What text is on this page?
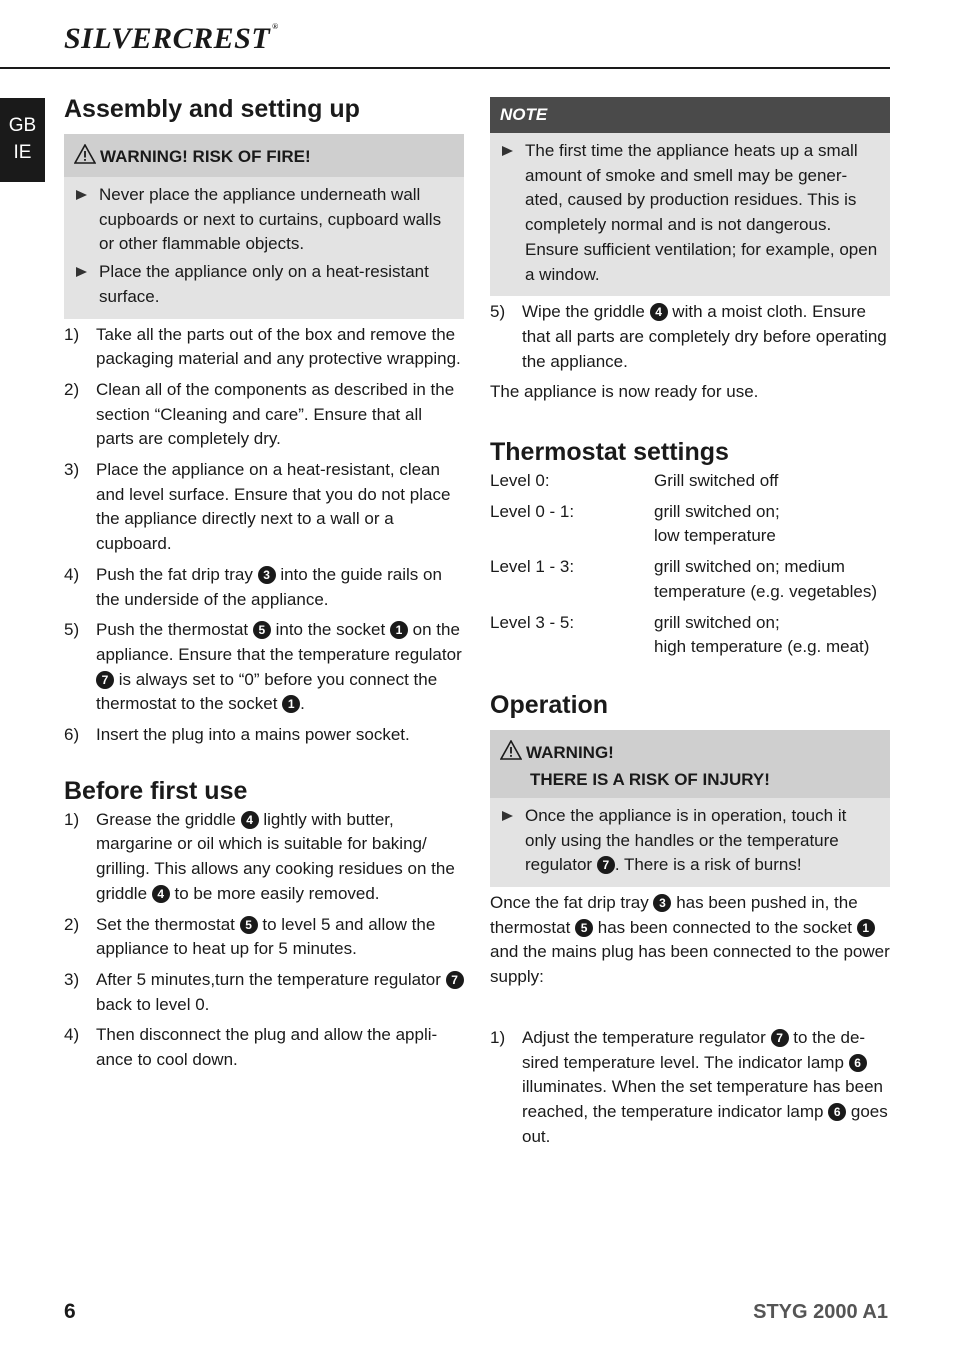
SILVERCREST ®
GB
IE
Assembly and setting up
WARNING! RISK OF FIRE!
Never place the appliance underneath wall cupboards or next to curtains, cupboard walls or other flammable objects.
Place the appliance only on a heat-resistant surface.
1) Take all the parts out of the box and remove the packaging material and any protective wrapping.
2) Clean all of the components as described in the section “Cleaning and care”. Ensure that all parts are completely dry.
3) Place the appliance on a heat-resistant, clean and level surface. Ensure that you do not place the appliance directly next to a wall or a cupboard.
4) Push the fat drip tray 3 into the guide rails on the underside of the appliance.
5) Push the thermostat 5 into the socket 1 on the appliance. Ensure that the temperature regulator 7 is always set to “0” before you connect the thermostat to the socket 1 .
6) Insert the plug into a mains power socket.
Before first use
1) Grease the griddle 4 lightly with butter, margarine or oil which is suitable for baking/ grilling. This allows any cooking residues on the griddle 4 to be more easily removed.
2) Set the thermostat 5 to level 5 and allow the appliance to heat up for 5 minutes.
3) After 5 minutes,turn the temperature regulator 7 back to level 0.
4) Then disconnect the plug and allow the appli- ance to cool down.
NOTE
The first time the appliance heats up a small amount of smoke and smell may be gener- ated, caused by production residues. This is completely normal and is not dangerous. Ensure sufficient ventilation; for example, open a window.
5) Wipe the griddle 4 with a moist cloth. Ensure that all parts are completely dry before operating the appliance.
The appliance is now ready for use.
Thermostat settings
Level 0:	Grill switched off

Level 0 - 1:	grill switched on;
low temperature

Level 1 - 3:	grill switched on; medium
temperature (e.g. vegetables)

Level 3 - 5:	grill switched on;
high temperature (e.g. meat)
Operation
WARNING!
THERE IS A RISK OF INJURY!
Once the appliance is in operation, touch it only using the handles or the temperature regulator 7 . There is a risk of burns!
Once the fat drip tray 3 has been pushed in, the thermostat 5 has been connected to the socket 1 and the mains plug has been connected to the power supply:
1) Adjust the temperature regulator 7 to the de- sired temperature level. The indicator lamp 6 illuminates. When the set temperature has been reached, the temperature indicator lamp 6 goes out.
6	STYG 2000 A1
